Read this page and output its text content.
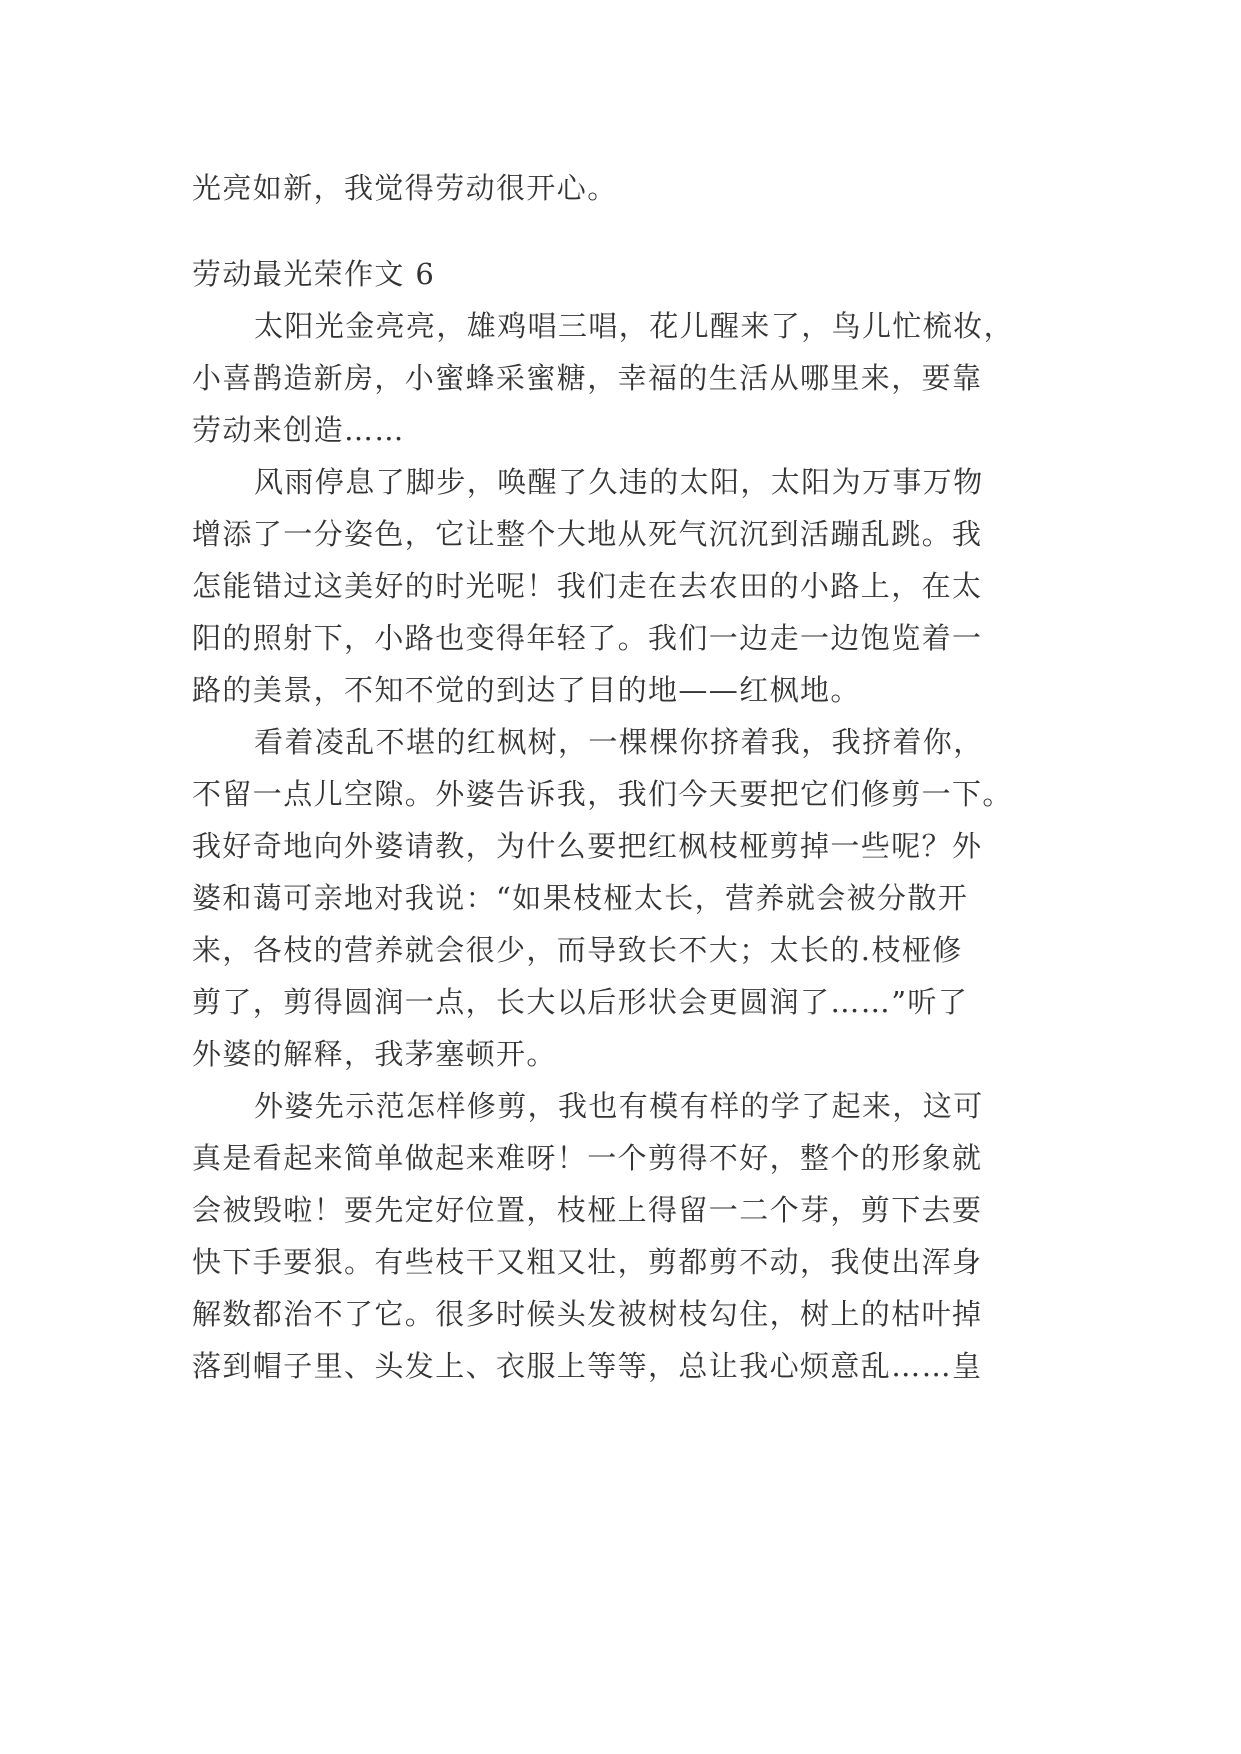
光亮如新，我觉得劳动很开心。
劳动最光荣作文 6
太阳光金亮亮，雄鸡唱三唱，花儿醒来了，鸟儿忙梳妆，
小喜鹊造新房，小蜜蜂采蜜糖，幸福的生活从哪里来，要靠
劳动来创造……
风雨停息了脚步，唤醒了久违的太阳，太阳为万事万物
增添了一分姿色，它让整个大地从死气沉沉到活蹦乱跳。我
怎能错过这美好的时光呢！我们走在去农田的小路上，在太
阳的照射下，小路也变得年轻了。我们一边走一边饱览着一
路的美景，不知不觉的到达了目的地——红枫地。
看着凌乱不堪的红枫树，一棵棵你挤着我，我挤着你，
不留一点儿空隙。外婆告诉我，我们今天要把它们修剪一下。
我好奇地向外婆请教，为什么要把红枫枝桠剪掉一些呢？外
婆和蔼可亲地对我说：“如果枝桠太长，营养就会被分散开
来，各枝的营养就会很少，而导致长不大；太长的.枝桠修
剪了，剪得圆润一点，长大以后形状会更圆润了……”听了
外婆的解释，我茅塞顿开。
外婆先示范怎样修剪，我也有模有样的学了起来，这可
真是看起来简单做起来难呀！一个剪得不好，整个的形象就
会被毁啦！要先定好位置，枝桠上得留一二个芽，剪下去要
快下手要狠。有些枝干又粗又壮，剪都剪不动，我使出浑身
解数都治不了它。很多时候头发被树枝勾住，树上的枯叶掉
落到帽子里、头发上、衣服上等等，总让我心烦意乱……皇
